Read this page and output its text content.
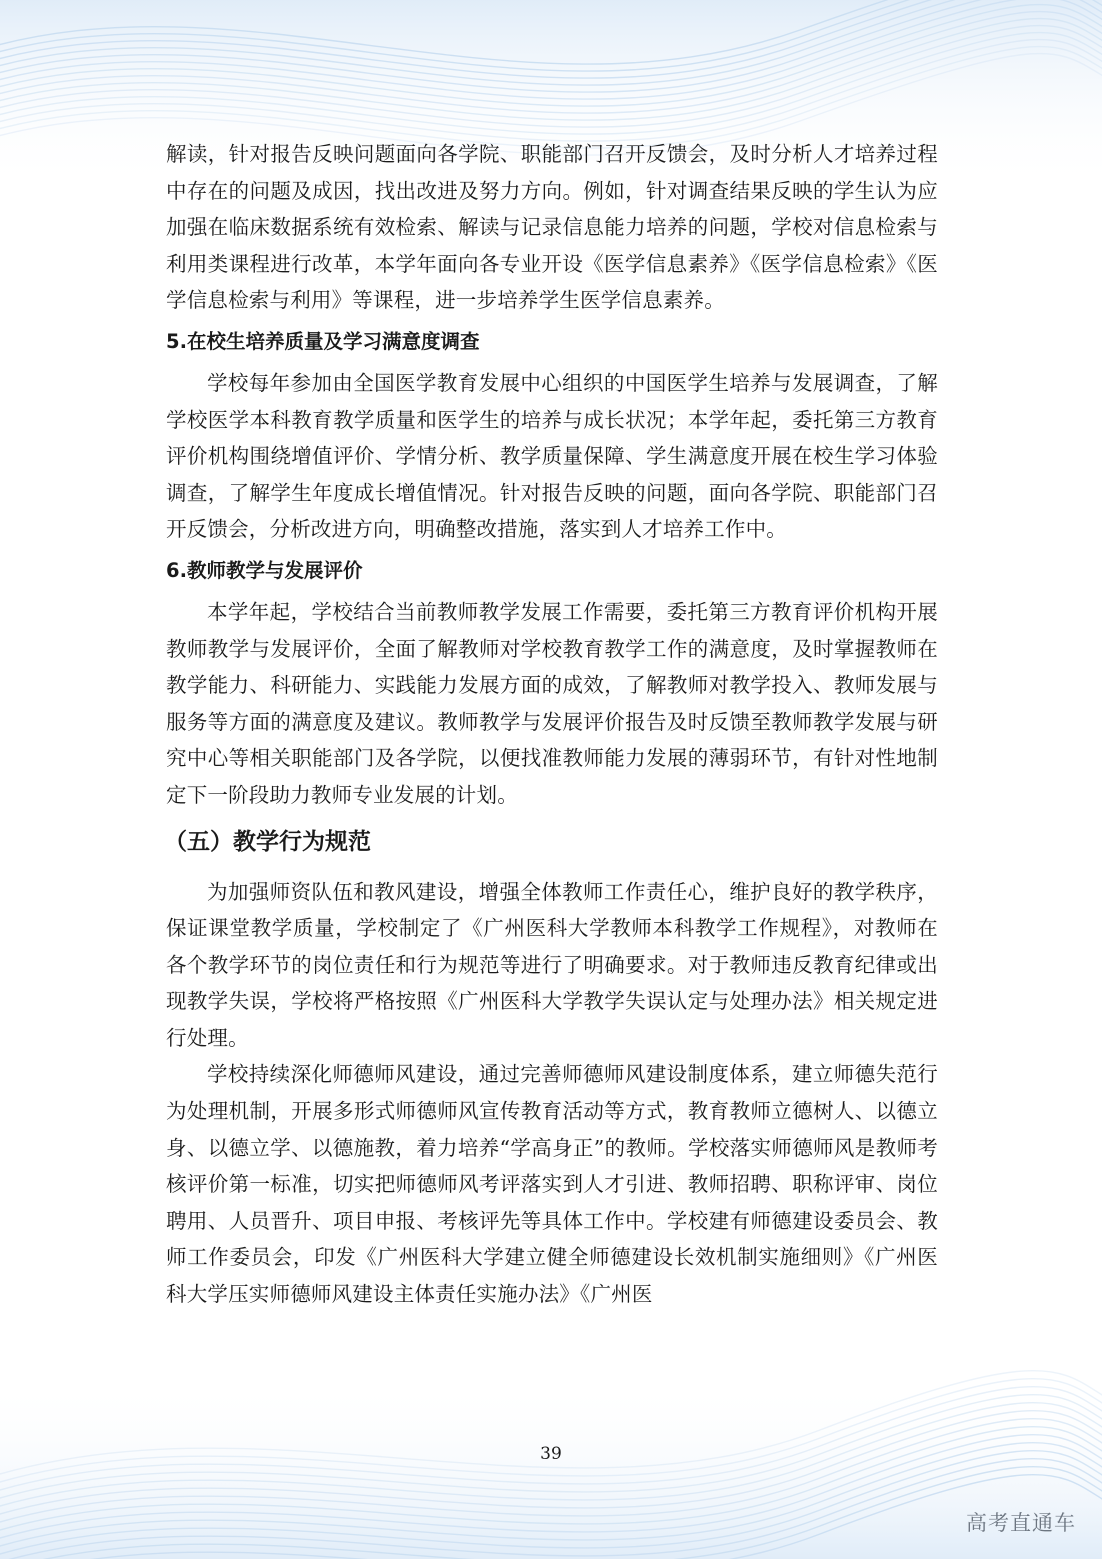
解读，针对报告反映问题面向各学院、职能部门召开反馈会，及时分析人才培养过程中存在的问题及成因，找出改进及努力方向。例如，针对调查结果反映的学生认为应加强在临床数据系统有效检索、解读与记录信息能力培养的问题，学校对信息检索与利用类课程进行改革，本学年面向各专业开设《医学信息素养》《医学信息检索》《医学信息检索与利用》等课程，进一步培养学生医学信息素养。

5.在校生培养质量及学习满意度调查

学校每年参加由全国医学教育发展中心组织的中国医学生培养与发展调查，了解学校医学本科教育教学质量和医学生的培养与成长状况；本学年起，委托第三方教育评价机构围绕增值评价、学情分析、教学质量保障、学生满意度开展在校生学习体验调查，了解学生年度成长增值情况。针对报告反映的问题，面向各学院、职能部门召开反馈会，分析改进方向，明确整改措施，落实到人才培养工作中。

6.教师教学与发展评价

本学年起，学校结合当前教师教学发展工作需要，委托第三方教育评价机构开展教师教学与发展评价，全面了解教师对学校教育教学工作的满意度，及时掌握教师在教学能力、科研能力、实践能力发展方面的成效，了解教师对教学投入、教师发展与服务等方面的满意度及建议。教师教学与发展评价报告及时反馈至教师教学发展与研究中心等相关职能部门及各学院，以便找准教师能力发展的薄弱环节，有针对性地制定下一阶段助力教师专业发展的计划。

（五）教学行为规范

为加强师资队伍和教风建设，增强全体教师工作责任心，维护良好的教学秩序，保证课堂教学质量，学校制定了《广州医科大学教师本科教学工作规程》，对教师在各个教学环节的岗位责任和行为规范等进行了明确要求。对于教师违反教育纪律或出现教学失误，学校将严格按照《广州医科大学教学失误认定与处理办法》相关规定进行处理。

学校持续深化师德师风建设，通过完善师德师风建设制度体系，建立师德失范行为处理机制，开展多形式师德师风宣传教育活动等方式，教育教师立德树人、以德立身、以德立学、以德施教，着力培养“学高身正”的教师。学校落实师德师风是教师考核评价第一标准，切实把师德师风考评落实到人才引进、教师招聘、职称评审、岗位聘用、人员晋升、项目申报、考核评先等具体工作中。学校建有师德建设委员会、教师工作委员会，印发《广州医科大学建立健全师德建设长效机制实施细则》《广州医科大学压实师德师风建设主体责任实施办法》《广州医

39
高考直通车
